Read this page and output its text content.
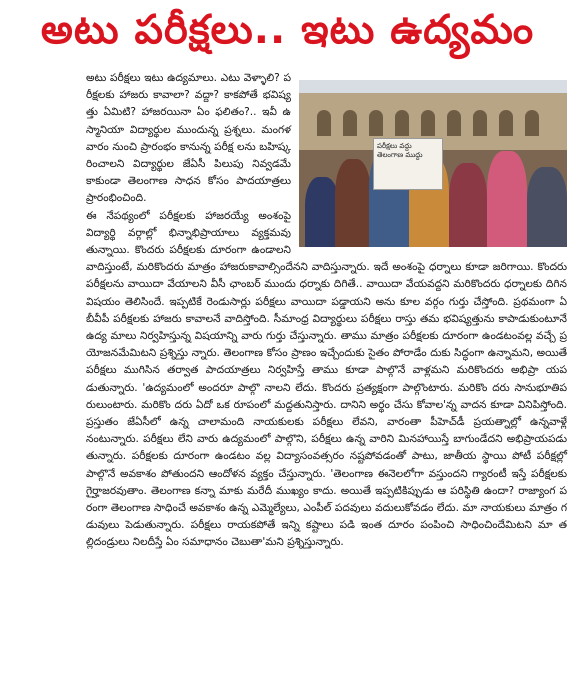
అటు పరీక్షలు.. ఇటు ఉద్యమం
పరీక్షలు వద్దు తెలంగాణ ముద్దు

అటు పరీక్షలు ఇటు ఉద్యమాలు. ఎటు వెళ్ళాలి? పరీక్షలకు హాజరు కావాలా? వద్దా? కాకపోతే భవిష్యత్తు ఏమిటి? హాజరయినా ఏం ఫలితం?.. ఇవీ ఉస్మానియా విద్యార్థుల ముందున్న ప్రశ్నలు. మంగళవారం నుంచి ప్రారంభం కానున్న పరీక్ష లను బహిష్కరించాలని విద్యార్థుల జేఏసీ పిలుపు నివ్వడమే కాకుండా తెలంగాణ సాధన కోసం పాదయాత్రలు ప్రారంభించింది.

ఈ నేపథ్యంలో పరీక్షలకు హాజరయ్యే అంశంపై విద్యార్థి వర్గాల్లో భిన్నాభిప్రాయాలు వ్యక్తమవు తున్నాయి. కొందరు పరీక్షలకు దూరంగా ఉండాలని వాదిస్తుంటే, మరికొందరు మాత్రం హాజరుకావాల్సిందేనని వాదిస్తున్నారు. ఇదే అంశంపై ధర్నాలు కూడా జరిగాయి. కొందరు పరీక్షలను వాయిదా వేయాలని వీసీ ఛాంబర్ ముందు ధర్నాకు దిగితే.. వాయిదా వేయవద్దని మరికొందరు ధర్నాలకు దిగిన విషయం తెలిసిందే. ఇప్పటికే రెండుసార్లు పరీక్షలు వాయిదా పడ్డాయని అను కూల వర్గం గుర్తు చేస్తోంది. ప్రథమంగా ఏబీవీపీ పరీక్షలకు హాజరు కావాలనే వాదిస్తోంది. సీమాంధ్ర విద్యార్థులు పరీక్షలు రాస్తు తమ భవిష్యత్తును కాపాడుకుంటూనే ఉద్య మాలు నిర్వహిస్తున్న విషయాన్ని వారు గుర్తు చేస్తున్నారు. తాము మాత్రం పరీక్షలకు దూరంగా ఉండటంవల్ల వచ్చే ప్రయోజనమేమిటని ప్రశ్నిస్తు న్నారు. తెలంగాణ కోసం ప్రాణం ఇచ్చేందుకు సైతం పోరాడేం దుకు సిద్ధంగా ఉన్నామని, అయితే పరీక్షలు ముగిసిన తర్వాత పాదయాత్రలు నిర్వహిస్తే తాము కూడా పాల్గొనే వాళ్లమని మరికొందరు అభిప్రా యపడుతున్నారు. 'ఉద్యమంలో అందరూ పాల్గొ నాలని లేదు. కొందరు ప్రత్యక్షంగా పాల్గొంటారు. మరికొం దరు సానుభూతిపరులుంటారు. మరికొం దరు ఏదో ఒక రూపంలో మద్దతునిస్తారు. దానిని అర్థం చేసు కోవాల'న్న వాదన కూడా వినిపిస్తోంది. ప్రస్తుతం జేఏసీలో ఉన్న చాలామంది నాయకులకు పరీక్షలు లేవని, వారంతా పీహెచ్‌డీ ప్రయత్నాల్లో ఉన్నవాళ్లే నంటున్నారు. పరీక్షలు లేని వారు ఉద్యమంలో పాల్గొని, పరీక్షలు ఉన్న వారిని మినహాయిస్తే బాగుండేదని అభిప్రాయపడు తున్నారు. పరీక్షలకు దూరంగా ఉండటం వల్ల విద్యాసంవత్సరం నష్టపోవడంతో పాటు, జాతీయ స్థాయి పోటీ పరీక్షల్లో పాల్గొనే అవకాశం పోతుందని ఆందోళన వ్యక్తం చేస్తున్నారు. 'తెలంగాణ ఈనెలలోగా వస్తుందని గ్యారంటీ ఇస్తే పరీక్షలకు గైర్హాజరవుతాం. తెలంగాణ కన్నా మాకు మరేదీ ముఖ్యం కాదు. అయితే ఇప్పటికిప్పుడు ఆ పరిస్థితి ఉందా? రాజ్యాంగ పరంగా తెలంగాణ సాధించే అవకాశం ఉన్న ఎమ్మెల్యేలు, ఎంపీల్ పదవులు వదులుకోవడం లేదు. మా నాయకులు మాత్రం గడువులు పెడుతున్నారు. పరీక్షలు రాయకపోతే ఇన్ని కష్టాలు పడి ఇంత దూరం పంపించి సాధించిందేమిటని మా తల్లిదండ్రులు నిలదీస్తే ఏం సమాధానం చెబుతా'మని ప్రశ్నిస్తున్నారు.
